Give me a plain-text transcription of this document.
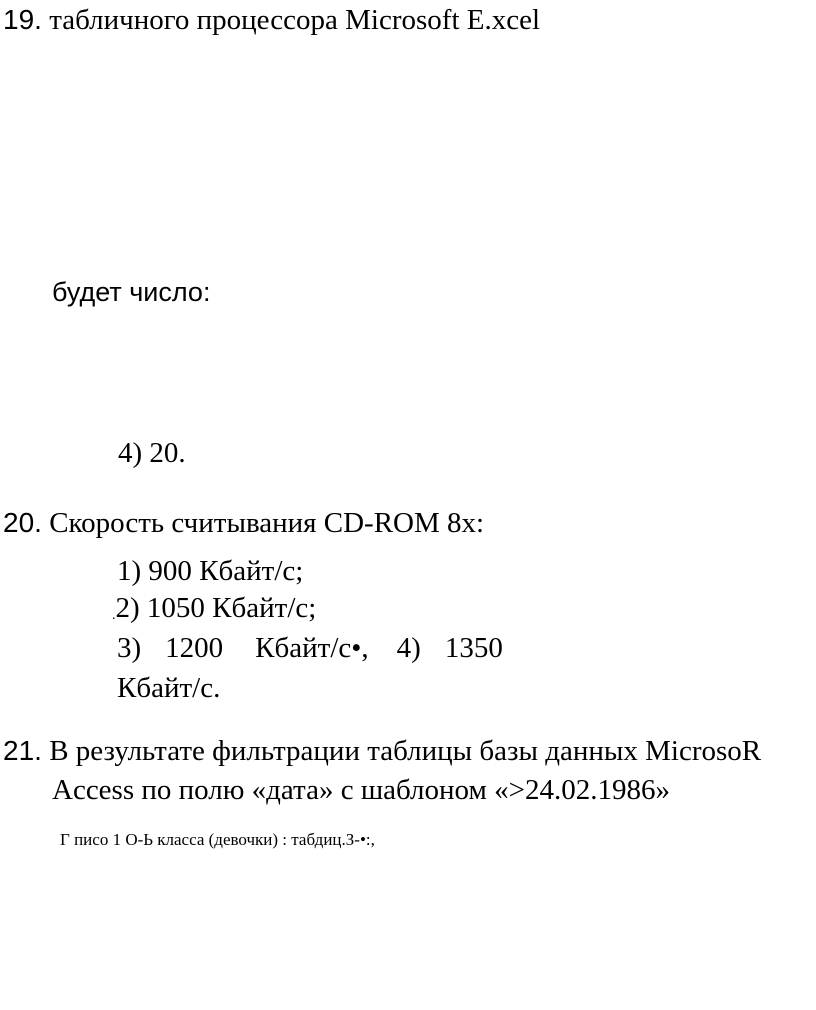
19. табличного процессора Microsoft E.xcel
будет число:
4) 20.
20. Скорость считывания CD-ROM 8х:
1) 900 Кбайт/с;
.2) 1050 Кбайт/с;
3) 1200 Кбайт/с•, 4) 1350
Кбайт/с.
21. В результате фильтрации таблицы базы данных MicrosoR
Access по полю «дата» с шаблоном «>24.02.1986»
Г писо 1 О-Ь класса (девочки) : табдиц.З-•:,
